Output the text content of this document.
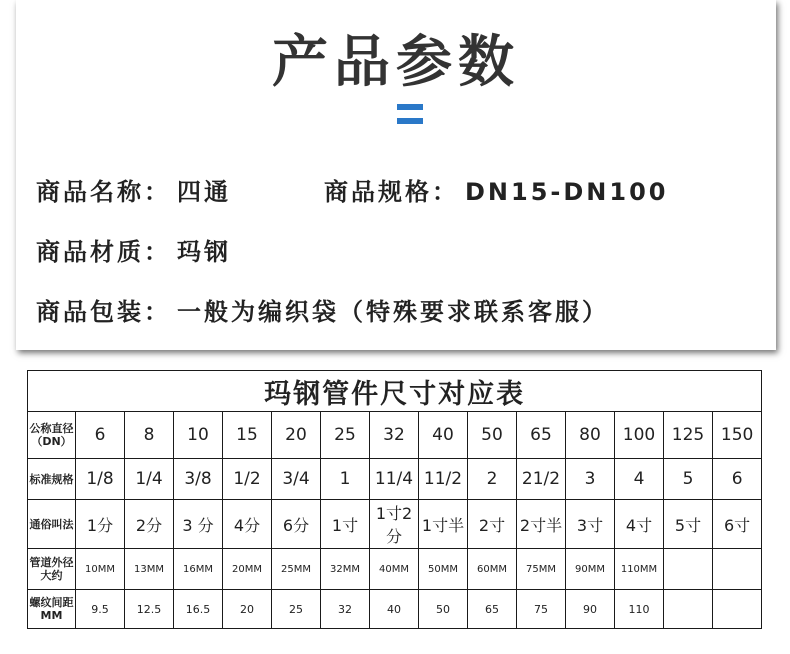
产品参数
商品名称： 四通	商品规格： DN15-DN100
商品材质： 玛钢
商品包装： 一般为编织袋（特殊要求联系客服）
玛钢管件尺寸对应表														
公称直径（DN）	6	8	10	15	20	25	32	40	50	65	80	100	125	150
标准规格	1/8	1/4	3/8	1/2	3/4	1	11/4	11/2	2	21/2	3	4	5	6
通俗叫法	1分	2分	3 分	4分	6分	1寸	1寸2分	1寸半	2寸	2寸半	3寸	4寸	5寸	6寸
管道外径大约	10MM	13MM	16MM	20MM	25MM	32MM	40MM	50MM	60MM	75MM	90MM	110MM		
螺纹间距MM	9.5	12.5	16.5	20	25	32	40	50	65	75	90	110		
